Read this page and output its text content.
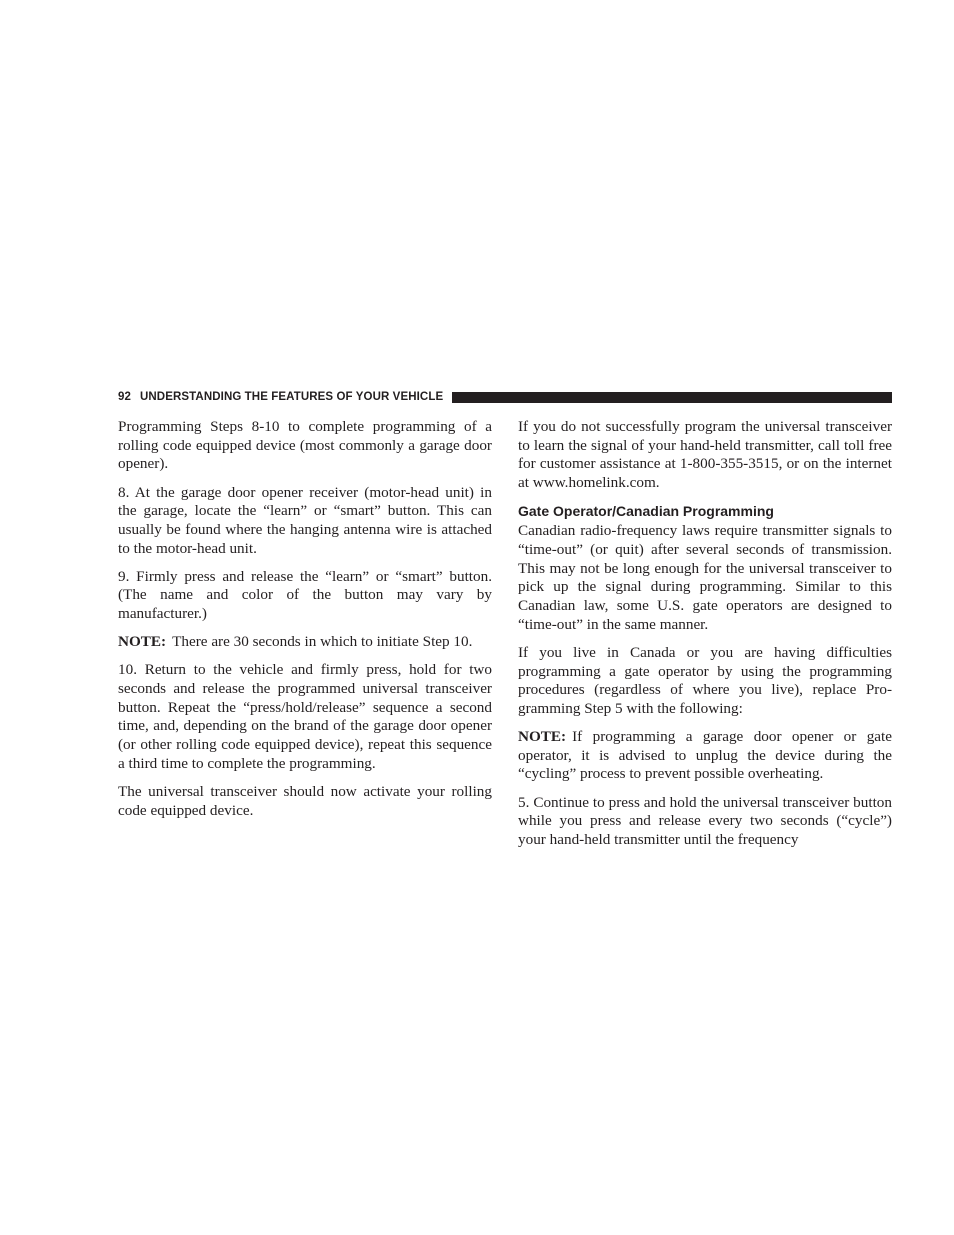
92 UNDERSTANDING THE FEATURES OF YOUR VEHICLE

Programming Steps 8-10 to complete programming of a rolling code equipped device (most commonly a garage door opener).

8. At the garage door opener receiver (motor-head unit) in the garage, locate the “learn” or “smart” button. This can usually be found where the hanging antenna wire is attached to the motor-head unit.

9. Firmly press and release the “learn” or “smart” button. (The name and color of the button may vary by manufacturer.)

NOTE: There are 30 seconds in which to initiate Step 10.

10. Return to the vehicle and firmly press, hold for two seconds and release the programmed universal transceiver button. Repeat the “press/hold/release” sequence a second time, and, depending on the brand of the garage door opener (or other rolling code equipped device), repeat this sequence a third time to complete the programming.

The universal transceiver should now activate your rolling code equipped device.

If you do not successfully program the universal transceiver to learn the signal of your hand-held transmitter, call toll free for customer assistance at 1-800-355-3515, or on the internet at www.homelink.com.

Gate Operator/Canadian Programming

Canadian radio-frequency laws require transmitter signals to “time-out” (or quit) after several seconds of transmission. This may not be long enough for the universal transceiver to pick up the signal during programming. Similar to this Canadian law, some U.S. gate operators are designed to “time-out” in the same manner.

If you live in Canada or you are having difficulties programming a gate operator by using the programming procedures (regardless of where you live), replace Programming Step 5 with the following:

NOTE: If programming a garage door opener or gate operator, it is advised to unplug the device during the “cycling” process to prevent possible overheating.

5. Continue to press and hold the universal transceiver button while you press and release every two seconds (“cycle”) your hand-held transmitter until the frequency
